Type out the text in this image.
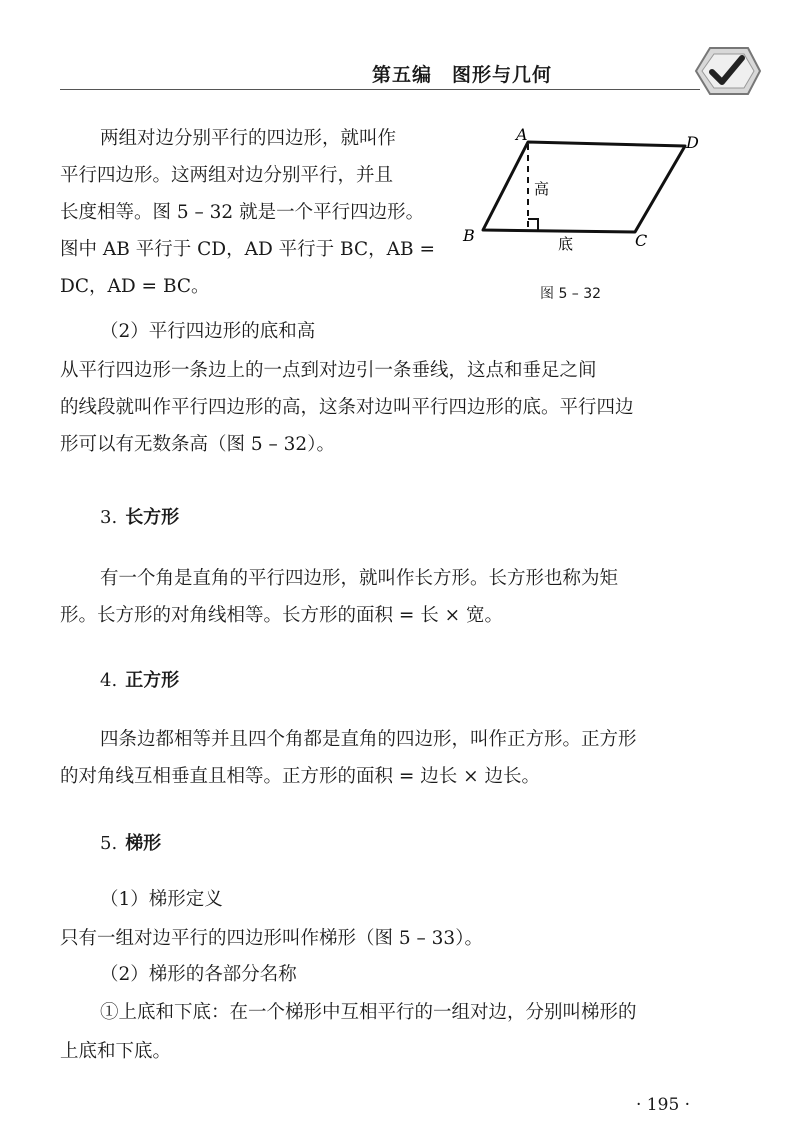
第五编　图形与几何
两组对边分别平行的四边形，就叫作
平行四边形。这两组对边分别平行，并且
长度相等。图 5 – 32 就是一个平行四边形。
图中 AB 平行于 CD，AD 平行于 BC，AB =
DC，AD = BC。
A	D
B	C
高
底
图 5 – 32
（2）平行四边形的底和高
从平行四边形一条边上的一点到对边引一条垂线，这点和垂足之间
的线段就叫作平行四边形的高，这条对边叫平行四边形的底。平行四边
形可以有无数条高（图 5 – 32）。
3. 长方形
有一个角是直角的平行四边形，就叫作长方形。长方形也称为矩
形。长方形的对角线相等。长方形的面积 = 长 × 宽。
4. 正方形
四条边都相等并且四个角都是直角的四边形，叫作正方形。正方形
的对角线互相垂直且相等。正方形的面积 = 边长 × 边长。
5. 梯形
（1）梯形定义
只有一组对边平行的四边形叫作梯形（图 5 – 33）。
（2）梯形的各部分名称
①上底和下底：在一个梯形中互相平行的一组对边，分别叫梯形的
上底和下底。
· 195 ·
